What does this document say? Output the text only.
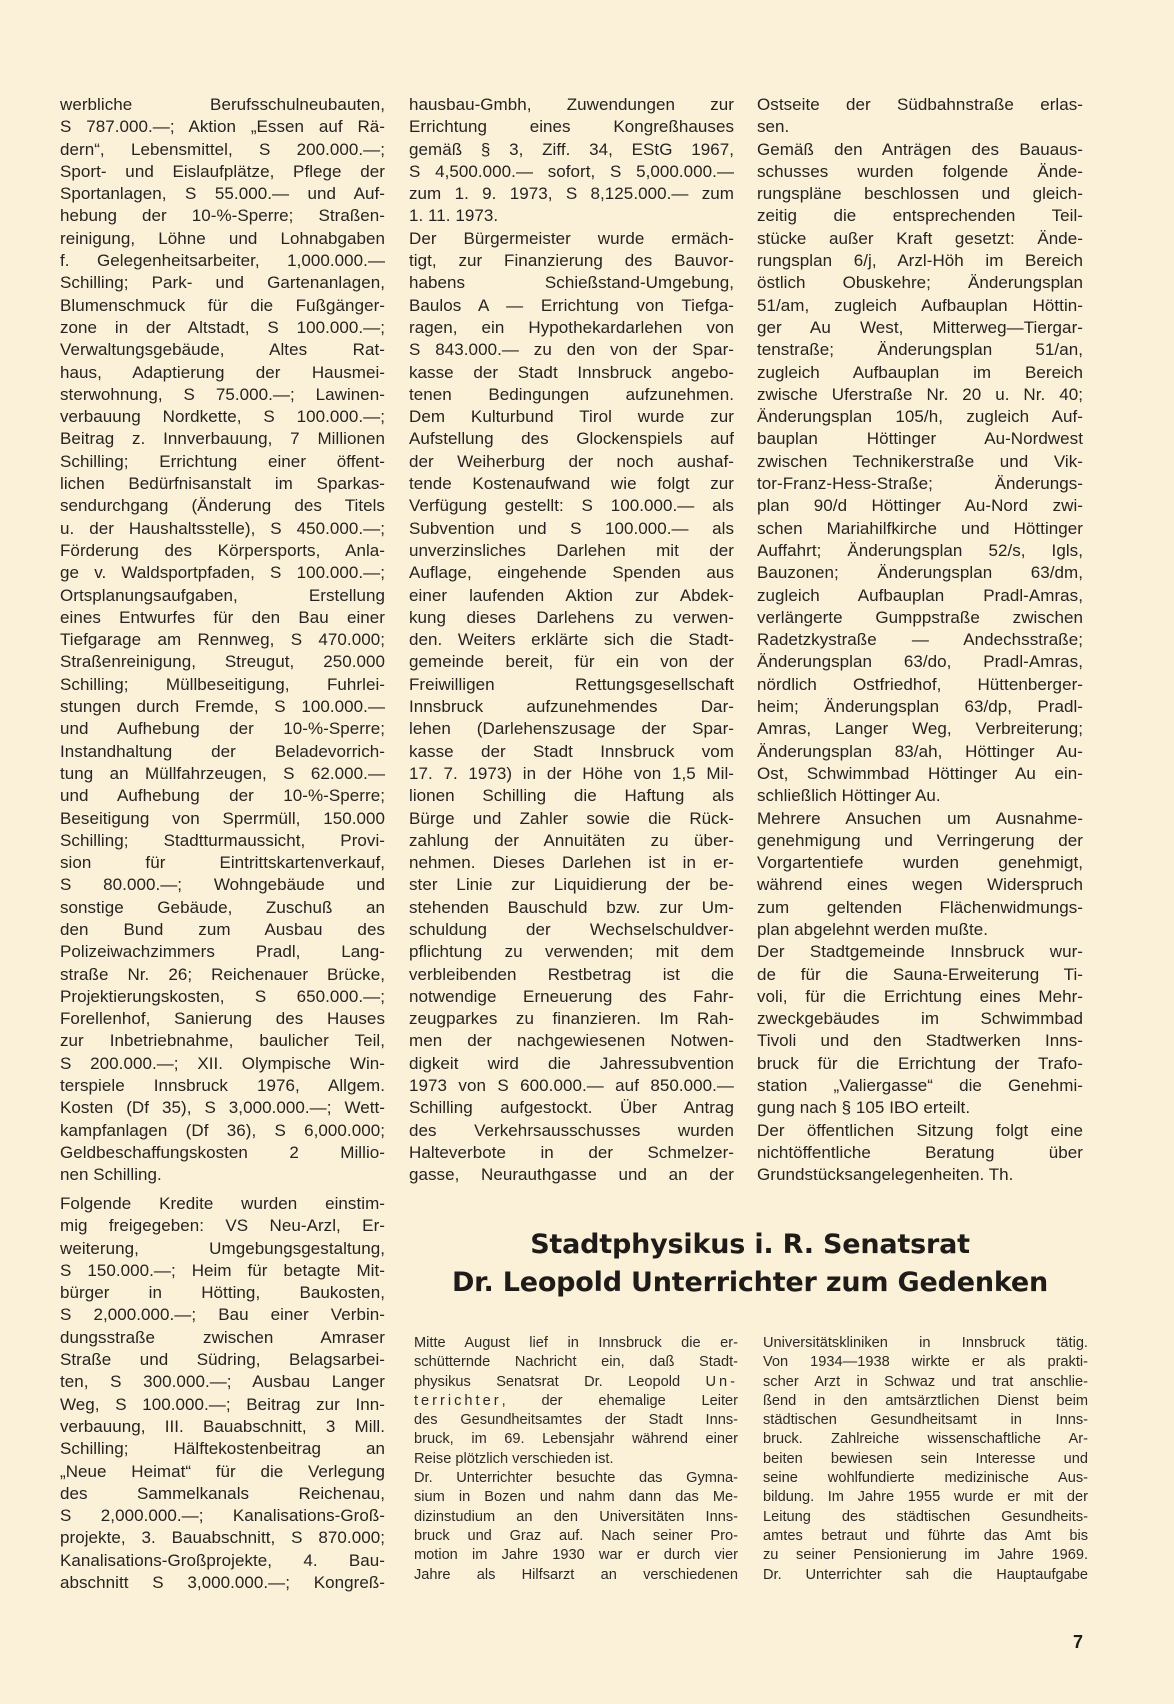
werbliche Berufsschulneubauten,
S 787.000.—; Aktion „Essen auf Rä-
dern“, Lebensmittel, S 200.000.—;
Sport- und Eislaufplätze, Pflege der
Sportanlagen, S 55.000.— und Auf-
hebung der 10-%-Sperre; Straßen-
reinigung, Löhne und Lohnabgaben
f. Gelegenheitsarbeiter, 1,000.000.—
Schilling; Park- und Gartenanlagen,
Blumenschmuck für die Fußgänger-
zone in der Altstadt, S 100.000.—;
Verwaltungsgebäude, Altes Rat-
haus, Adaptierung der Hausmei-
sterwohnung, S 75.000.—; Lawinen-
verbauung Nordkette, S 100.000.—;
Beitrag z. Innverbauung, 7 Millionen
Schilling; Errichtung einer öffent-
lichen Bedürfnisanstalt im Sparkas-
sendurchgang (Änderung des Titels
u. der Haushaltsstelle), S 450.000.—;
Förderung des Körpersports, Anla-
ge v. Waldsportpfaden, S 100.000.—;
Ortsplanungsaufgaben, Erstellung
eines Entwurfes für den Bau einer
Tiefgarage am Rennweg, S 470.000;
Straßenreinigung, Streugut, 250.000
Schilling; Müllbeseitigung, Fuhrlei-
stungen durch Fremde, S 100.000.—
und Aufhebung der 10-%-Sperre;
Instandhaltung der Beladevorrich-
tung an Müllfahrzeugen, S 62.000.—
und Aufhebung der 10-%-Sperre;
Beseitigung von Sperrmüll, 150.000
Schilling; Stadtturmaussicht, Provi-
sion für Eintrittskartenverkauf,
S 80.000.—; Wohngebäude und
sonstige Gebäude, Zuschuß an
den Bund zum Ausbau des
Polizeiwachzimmers Pradl, Lang-
straße Nr. 26; Reichenauer Brücke,
Projektierungskosten, S 650.000.—;
Forellenhof, Sanierung des Hauses
zur Inbetriebnahme, baulicher Teil,
S 200.000.—; XII. Olympische Win-
terspiele Innsbruck 1976, Allgem.
Kosten (Df 35), S 3,000.000.—; Wett-
kampfanlagen (Df 36), S 6,000.000;
Geldbeschaffungskosten 2 Millio-
nen Schilling.
Folgende Kredite wurden einstim-
mig freigegeben: VS Neu-Arzl, Er-
weiterung, Umgebungsgestaltung,
S 150.000.—; Heim für betagte Mit-
bürger in Hötting, Baukosten,
S 2,000.000.—; Bau einer Verbin-
dungsstraße zwischen Amraser
Straße und Südring, Belagsarbei-
ten, S 300.000.—; Ausbau Langer
Weg, S 100.000.—; Beitrag zur Inn-
verbauung, III. Bauabschnitt, 3 Mill.
Schilling; Hälftekostenbeitrag an
„Neue Heimat“ für die Verlegung
des Sammelkanals Reichenau,
S 2,000.000.—; Kanalisations-Groß-
projekte, 3. Bauabschnitt, S 870.000;
Kanalisations-Großprojekte, 4. Bau-
abschnitt S 3,000.000.—; Kongreß-
hausbau-Gmbh, Zuwendungen zur
Errichtung eines Kongreßhauses
gemäß § 3, Ziff. 34, EStG 1967,
S 4,500.000.— sofort, S 5,000.000.—
zum 1. 9. 1973, S 8,125.000.— zum
1. 11. 1973.
Der Bürgermeister wurde ermäch-
tigt, zur Finanzierung des Bauvor-
habens Schießstand-Umgebung,
Baulos A — Errichtung von Tiefga-
ragen, ein Hypothekardarlehen von
S 843.000.— zu den von der Spar-
kasse der Stadt Innsbruck angebo-
tenen Bedingungen aufzunehmen.
Dem Kulturbund Tirol wurde zur
Aufstellung des Glockenspiels auf
der Weiherburg der noch aushaf-
tende Kostenaufwand wie folgt zur
Verfügung gestellt: S 100.000.— als
Subvention und S 100.000.— als
unverzinsliches Darlehen mit der
Auflage, eingehende Spenden aus
einer laufenden Aktion zur Abdek-
kung dieses Darlehens zu verwen-
den. Weiters erklärte sich die Stadt-
gemeinde bereit, für ein von der
Freiwilligen Rettungsgesellschaft
Innsbruck aufzunehmendes Dar-
lehen (Darlehenszusage der Spar-
kasse der Stadt Innsbruck vom
17. 7. 1973) in der Höhe von 1,5 Mil-
lionen Schilling die Haftung als
Bürge und Zahler sowie die Rück-
zahlung der Annuitäten zu über-
nehmen. Dieses Darlehen ist in er-
ster Linie zur Liquidierung der be-
stehenden Bauschuld bzw. zur Um-
schuldung der Wechselschuldver-
pflichtung zu verwenden; mit dem
verbleibenden Restbetrag ist die
notwendige Erneuerung des Fahr-
zeugparkes zu finanzieren. Im Rah-
men der nachgewiesenen Notwen-
digkeit wird die Jahressubvention
1973 von S 600.000.— auf 850.000.—
Schilling aufgestockt. Über Antrag
des Verkehrsausschusses wurden
Halteverbote in der Schmelzer-
gasse, Neurauthgasse und an der
Ostseite der Südbahnstraße erlas-
sen.
Gemäß den Anträgen des Bauaus-
schusses wurden folgende Ände-
rungspläne beschlossen und gleich-
zeitig die entsprechenden Teil-
stücke außer Kraft gesetzt: Ände-
rungsplan 6/j, Arzl-Höh im Bereich
östlich Obuskehre; Änderungsplan
51/am, zugleich Aufbauplan Höttin-
ger Au West, Mitterweg—Tiergar-
tenstraße; Änderungsplan 51/an,
zugleich Aufbauplan im Bereich
zwische Uferstraße Nr. 20 u. Nr. 40;
Änderungsplan 105/h, zugleich Auf-
bauplan Höttinger Au-Nordwest
zwischen Technikerstraße und Vik-
tor-Franz-Hess-Straße; Änderungs-
plan 90/d Höttinger Au-Nord zwi-
schen Mariahilfkirche und Höttinger
Auffahrt; Änderungsplan 52/s, Igls,
Bauzonen; Änderungsplan 63/dm,
zugleich Aufbauplan Pradl-Amras,
verlängerte Gumppstraße zwischen
Radetzkystraße — Andechsstraße;
Änderungsplan 63/do, Pradl-Amras,
nördlich Ostfriedhof, Hüttenberger-
heim; Änderungsplan 63/dp, Pradl-
Amras, Langer Weg, Verbreiterung;
Änderungsplan 83/ah, Höttinger Au-
Ost, Schwimmbad Höttinger Au ein-
schließlich Höttinger Au.
Mehrere Ansuchen um Ausnahme-
genehmigung und Verringerung der
Vorgartentiefe wurden genehmigt,
während eines wegen Widerspruch
zum geltenden Flächenwidmungs-
plan abgelehnt werden mußte.
Der Stadtgemeinde Innsbruck wur-
de für die Sauna-Erweiterung Ti-
voli, für die Errichtung eines Mehr-
zweckgebäudes im Schwimmbad
Tivoli und den Stadtwerken Inns-
bruck für die Errichtung der Trafo-
station „Valiergasse“ die Genehmi-
gung nach § 105 IBO erteilt.
Der öffentlichen Sitzung folgt eine
nichtöffentliche Beratung über
Grundstücksangelegenheiten. Th.
Stadtphysikus i. R. Senatsrat
Dr. Leopold Unterrichter zum Gedenken
Mitte August lief in Innsbruck die er-
schütternde Nachricht ein, daß Stadt-
physikus Senatsrat Dr. Leopold Un-
terrichter, der ehemalige Leiter
des Gesundheitsamtes der Stadt Inns-
bruck, im 69. Lebensjahr während einer
Reise plötzlich verschieden ist.
Dr. Unterrichter besuchte das Gymna-
sium in Bozen und nahm dann das Me-
dizinstudium an den Universitäten Inns-
bruck und Graz auf. Nach seiner Pro-
motion im Jahre 1930 war er durch vier
Jahre als Hilfsarzt an verschiedenen
Universitätskliniken in Innsbruck tätig.
Von 1934—1938 wirkte er als prakti-
scher Arzt in Schwaz und trat anschlie-
ßend in den amtsärztlichen Dienst beim
städtischen Gesundheitsamt in Inns-
bruck. Zahlreiche wissenschaftliche Ar-
beiten bewiesen sein Interesse und
seine wohlfundierte medizinische Aus-
bildung. Im Jahre 1955 wurde er mit der
Leitung des städtischen Gesundheits-
amtes betraut und führte das Amt bis
zu seiner Pensionierung im Jahre 1969.
Dr. Unterrichter sah die Hauptaufgabe
7
